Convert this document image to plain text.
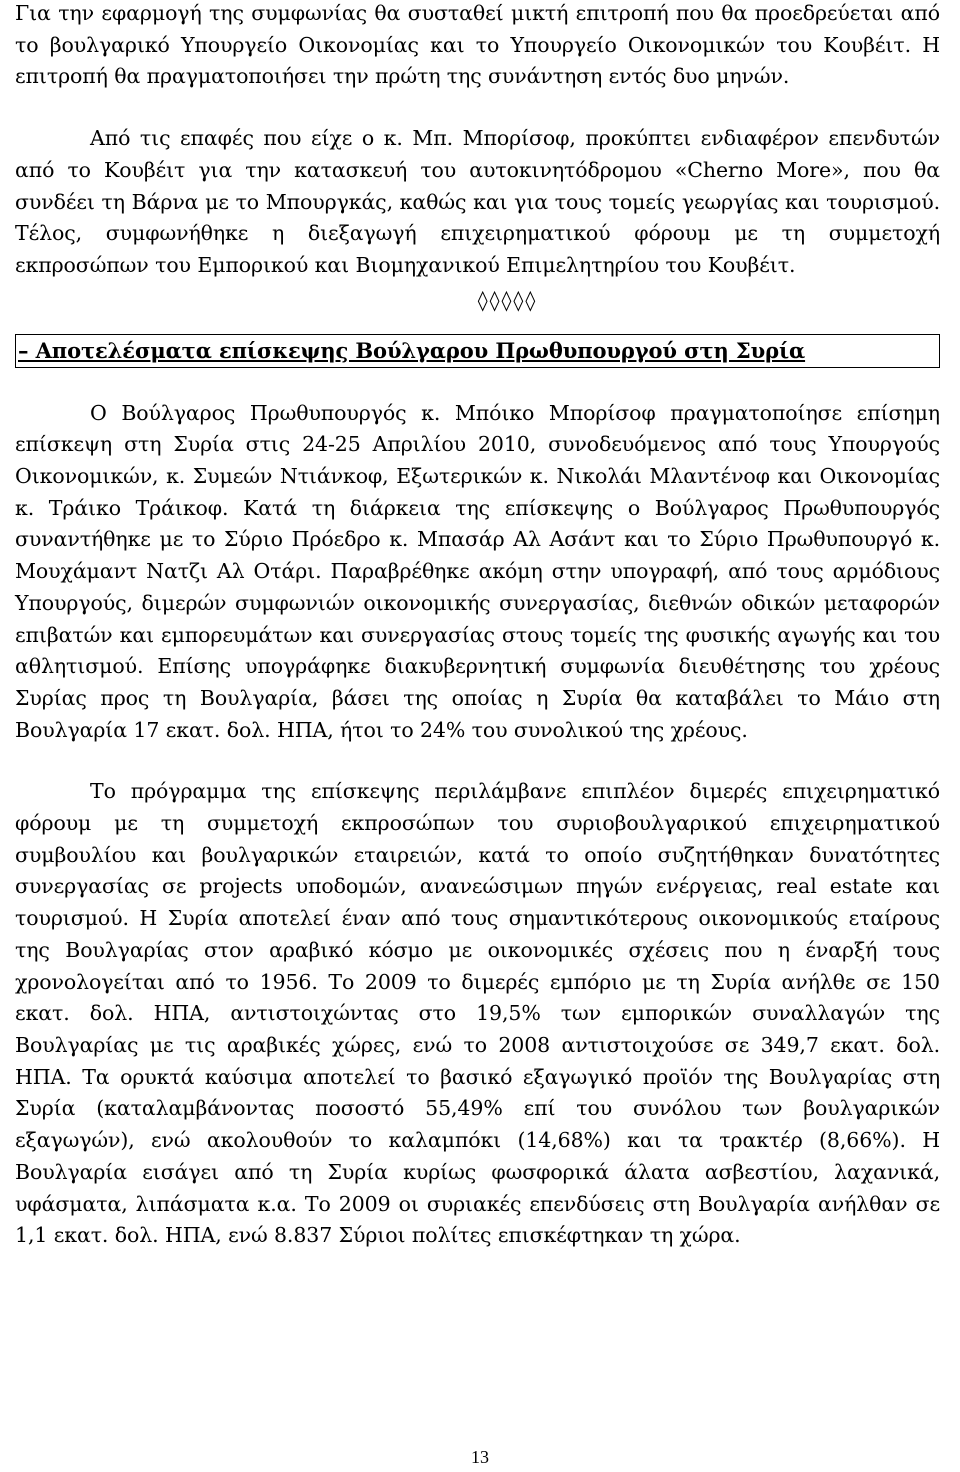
Για την εφαρμογή της συμφωνίας θα συσταθεί μικτή επιτροπή που θα προεδρεύεται από το βουλγαρικό Υπουργείο Οικονομίας και το Υπουργείο Οικονομικών του Κουβέιτ. Η επιτροπή θα πραγματοποιήσει την πρώτη της συνάντηση εντός δυο μηνών.

Από τις επαφές που είχε ο κ. Μπ. Μπορίσοφ, προκύπτει ενδιαφέρον επενδυτών από το Κουβέιτ για την κατασκευή του αυτοκινητόδρομου «Cherno More», που θα συνδέει τη Βάρνα με το Μπουργκάς, καθώς και για τους τομείς γεωργίας και τουρισμού. Τέλος, συμφωνήθηκε η διεξαγωγή επιχειρηματικού φόρουμ με τη συμμετοχή εκπροσώπων του Εμπορικού και Βιομηχανικού Επιμελητηρίου του Κουβέιτ.

◊◊◊◊◊
– Αποτελέσματα επίσκεψης Βούλγαρου Πρωθυπουργού στη Συρία

Ο Βούλγαρος Πρωθυπουργός κ. Μπόικο Μπορίσοφ πραγματοποίησε επίσημη επίσκεψη στη Συρία στις 24-25 Απριλίου 2010, συνοδευόμενος από τους Υπουργούς Οικονομικών, κ. Συμεών Ντιάνκοφ, Εξωτερικών κ. Νικολάι Μλαντένοφ και Οικονομίας κ. Τράικο Τράικοφ. Κατά τη διάρκεια της επίσκεψης ο Βούλγαρος Πρωθυπουργός συναντήθηκε με το Σύριο Πρόεδρο κ. Μπασάρ Αλ Ασάντ και το Σύριο Πρωθυπουργό κ. Μουχάμαντ Νατζι Αλ Οτάρι. Παραβρέθηκε ακόμη στην υπογραφή, από τους αρμόδιους Υπουργούς, διμερών συμφωνιών οικονομικής συνεργασίας, διεθνών οδικών μεταφορών επιβατών και εμπορευμάτων και συνεργασίας στους τομείς της φυσικής αγωγής και του αθλητισμού. Επίσης υπογράφηκε διακυβερνητική συμφωνία διευθέτησης του χρέους Συρίας προς τη Βουλγαρία, βάσει της οποίας η Συρία θα καταβάλει το Μάιο στη Βουλγαρία 17 εκατ. δολ. ΗΠΑ, ήτοι το 24% του συνολικού της χρέους.

Το πρόγραμμα της επίσκεψης περιλάμβανε επιπλέον διμερές επιχειρηματικό φόρουμ με τη συμμετοχή εκπροσώπων του συριοβουλγαρικού επιχειρηματικού συμβουλίου και βουλγαρικών εταιρειών, κατά το οποίο συζητήθηκαν δυνατότητες συνεργασίας σε projects υποδομών, ανανεώσιμων πηγών ενέργειας, real estate και τουρισμού. Η Συρία αποτελεί έναν από τους σημαντικότερους οικονομικούς εταίρους της Βουλγαρίας στον αραβικό κόσμο με οικονομικές σχέσεις που η έναρξή τους χρονολογείται από το 1956. Το 2009 το διμερές εμπόριο με τη Συρία ανήλθε σε 150 εκατ. δολ. ΗΠΑ, αντιστοιχώντας στο 19,5% των εμπορικών συναλλαγών της Βουλγαρίας με τις αραβικές χώρες, ενώ το 2008 αντιστοιχούσε σε 349,7 εκατ. δολ. ΗΠΑ. Τα ορυκτά καύσιμα αποτελεί το βασικό εξαγωγικό προϊόν της Βουλγαρίας στη Συρία (καταλαμβάνοντας ποσοστό 55,49% επί του συνόλου των βουλγαρικών εξαγωγών), ενώ ακολουθούν το καλαμπόκι (14,68%) και τα τρακτέρ (8,66%). Η Βουλγαρία εισάγει από τη Συρία κυρίως φωσφορικά άλατα ασβεστίου, λαχανικά, υφάσματα, λιπάσματα κ.α. Το 2009 οι συριακές επενδύσεις στη Βουλγαρία ανήλθαν σε 1,1 εκατ. δολ. ΗΠΑ, ενώ 8.837 Σύριοι πολίτες επισκέφτηκαν τη χώρα.

13
